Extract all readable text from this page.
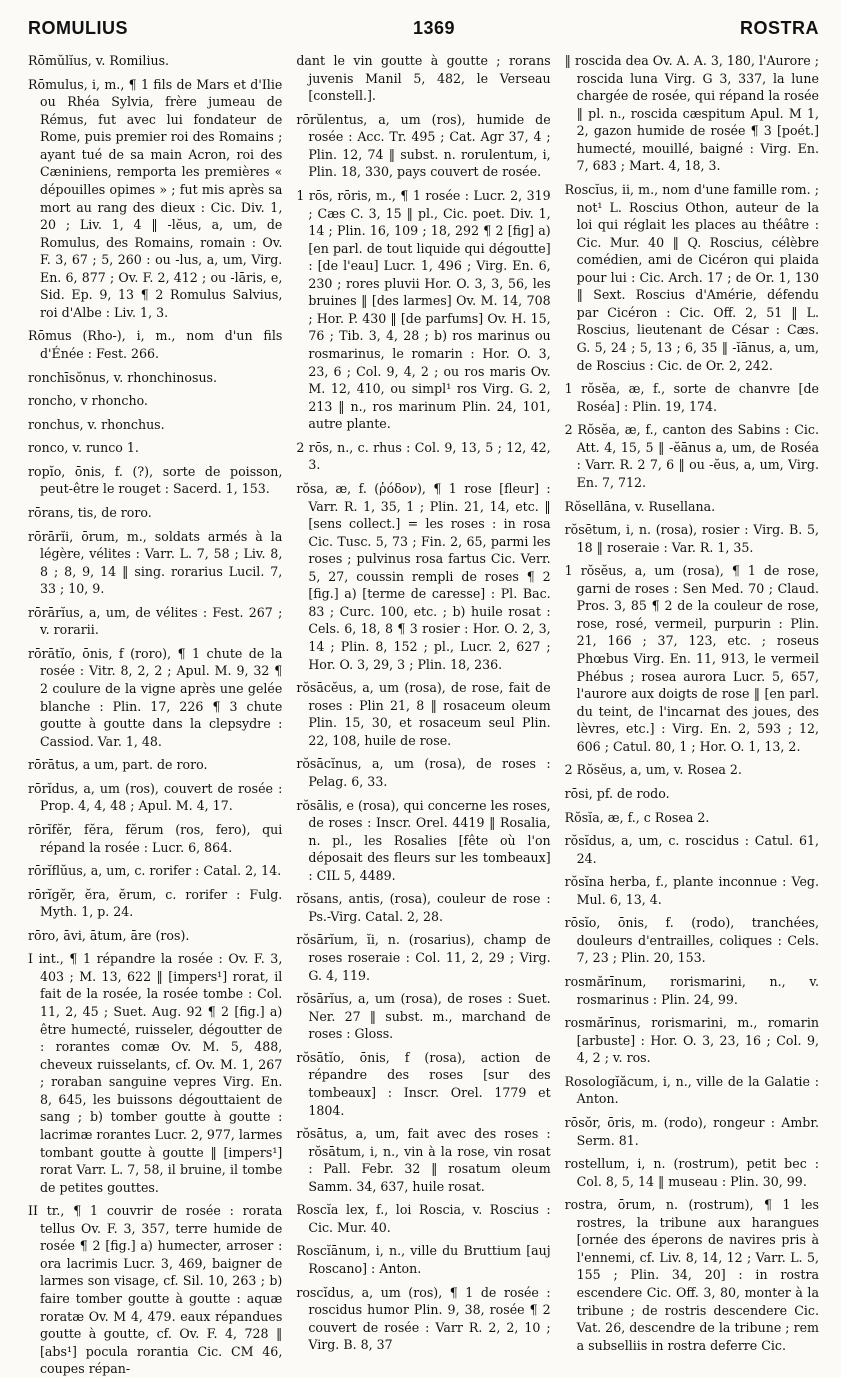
ROMULIUS	1369	ROSTRA

Rōmŭlĭus, v. Romilius.

Rōmulus, i, m., ¶ 1 fils de Mars et d'Ilie ou Rhéa Sylvia, frère jumeau de Rémus, fut avec lui fondateur de Rome, puis premier roi des Romains ; ayant tué de sa main Acron, roi des Cæniniens, remporta les premières « dépouilles opimes » ; fut mis après sa mort au rang des dieux : Cic. Div. 1, 20 ; Liv. 1, 4 ‖ -lĕus, a, um, de Romulus, des Romains, romain : Ov. F. 3, 67 ; 5, 260 : ou -lus, a, um, Virg. En. 6, 877 ; Ov. F. 2, 412 ; ou -lāris, e, Sid. Ep. 9, 13 ¶ 2 Romulus Salvius, roi d'Albe : Liv. 1, 3.

Rōmus (Rho-), i, m., nom d'un fils d'Énée : Fest. 266.

ronchīsŏnus, v. rhonchinosus.

roncho, v rhoncho.

ronchus, v. rhonchus.

ronco, v. runco 1.

ropĭo, ōnis, f. (?), sorte de poisson, peut-être le rouget : Sacerd. 1, 153.

rōrans, tis, de roro.

rōrārĭi, ōrum, m., soldats armés à la légère, vélites : Varr. L. 7, 58 ; Liv. 8, 8 ; 8, 9, 14 ‖ sing. rorarius Lucil. 7, 33 ; 10, 9.

rōrārĭus, a, um, de vélites : Fest. 267 ; v. rorarii.

rōrātĭo, ōnis, f (roro), ¶ 1 chute de la rosée : Vitr. 8, 2, 2 ; Apul. M. 9, 32 ¶ 2 coulure de la vigne après une gelée blanche : Plin. 17, 226 ¶ 3 chute goutte à goutte dans la clepsydre : Cassiod. Var. 1, 48.

rōrātus, a um, part. de roro.

rōrĭdus, a, um (ros), couvert de rosée : Prop. 4, 4, 48 ; Apul. M. 4, 17.

rōrĭfĕr, fĕra, fĕrum (ros, fero), qui répand la rosée : Lucr. 6, 864.

rōrĭflŭus, a, um, c. rorifer : Catal. 2, 14.

rōrĭgĕr, ĕra, ĕrum, c. rorifer : Fulg. Myth. 1, p. 24.

rōro, āvi, ātum, āre (ros).

I int., ¶ 1 répandre la rosée : Ov. F. 3, 403 ; M. 13, 622 ‖ [impers¹] rorat, il fait de la rosée, la rosée tombe : Col. 11, 2, 45 ; Suet. Aug. 92 ¶ 2 [fig.] a) être humecté, ruisseler, dégoutter de : rorantes comæ Ov. M. 5, 488, cheveux ruisselants, cf. Ov. M. 1, 267 ; roraban sanguine vepres Virg. En. 8, 645, les buissons dégouttaient de sang ; b) tomber goutte à goutte : lacrimæ rorantes Lucr. 2, 977, larmes tombant goutte à goutte ‖ [impers¹] rorat Varr. L. 7, 58, il bruine, il tombe de petites gouttes.

II tr., ¶ 1 couvrir de rosée : rorata tellus Ov. F. 3, 357, terre humide de rosée ¶ 2 [fig.] a) humecter, arroser : ora lacrimis Lucr. 3, 469, baigner de larmes son visage, cf. Sil. 10, 263 ; b) faire tomber goutte à goutte : aquæ roratæ Ov. M 4, 479. eaux répandues goutte à goutte, cf. Ov. F. 4, 728 ‖ [abs¹] pocula rorantia Cic. CM 46, coupes répan-

dant le vin goutte à goutte ; rorans juvenis Manil 5, 482, le Verseau [constell.].

rōrŭlentus, a, um (ros), humide de rosée : Acc. Tr. 495 ; Cat. Agr 37, 4 ; Plin. 12, 74 ‖ subst. n. rorulentum, i, Plin. 18, 330, pays couvert de rosée.

1 rōs, rōris, m., ¶ 1 rosée : Lucr. 2, 319 ; Cæs C. 3, 15 ‖ pl., Cic. poet. Div. 1, 14 ; Plin. 16, 109 ; 18, 292 ¶ 2 [fig] a) [en parl. de tout liquide qui dégoutte] : [de l'eau] Lucr. 1, 496 ; Virg. En. 6, 230 ; rores pluvii Hor. O. 3, 3, 56, les bruines ‖ [des larmes] Ov. M. 14, 708 ; Hor. P. 430 ‖ [de parfums] Ov. H. 15, 76 ; Tib. 3, 4, 28 ; b) ros marinus ou rosmarinus, le romarin : Hor. O. 3, 23, 6 ; Col. 9, 4, 2 ; ou ros maris Ov. M. 12, 410, ou simpl¹ ros Virg. G. 2, 213 ‖ n., ros marinum Plin. 24, 101, autre plante.

2 rōs, n., c. rhus : Col. 9, 13, 5 ; 12, 42, 3.

rŏsa, æ, f. (ῥόδον), ¶ 1 rose [fleur] : Varr. R. 1, 35, 1 ; Plin. 21, 14, etc. ‖ [sens collect.] = les roses : in rosa Cic. Tusc. 5, 73 ; Fin. 2, 65, parmi les roses ; pulvinus rosa fartus Cic. Verr. 5, 27, coussin rempli de roses ¶ 2 [fig.] a) [terme de caresse] : Pl. Bac. 83 ; Curc. 100, etc. ; b) huile rosat : Cels. 6, 18, 8 ¶ 3 rosier : Hor. O. 2, 3, 14 ; Plin. 8, 152 ; pl., Lucr. 2, 627 ; Hor. O. 3, 29, 3 ; Plin. 18, 236.

rŏsācĕus, a, um (rosa), de rose, fait de roses : Plin 21, 8 ‖ rosaceum oleum Plin. 15, 30, et rosaceum seul Plin. 22, 108, huile de rose.

rŏsācĭnus, a, um (rosa), de roses : Pelag. 6, 33.

rŏsālis, e (rosa), qui concerne les roses, de roses : Inscr. Orel. 4419 ‖ Rosalia, n. pl., les Rosalies [fête où l'on déposait des fleurs sur les tombeaux] : CIL 5, 4489.

rŏsans, antis, (rosa), couleur de rose : Ps.-Virg. Catal. 2, 28.

rŏsārĭum, ĭi, n. (rosarius), champ de roses roseraie : Col. 11, 2, 29 ; Virg. G. 4, 119.

rŏsārĭus, a, um (rosa), de roses : Suet. Ner. 27 ‖ subst. m., marchand de roses : Gloss.

rŏsātĭo, ōnis, f (rosa), action de répandre des roses [sur des tombeaux] : Inscr. Orel. 1779 et 1804.

rŏsātus, a, um, fait avec des roses : rŏsātum, i, n., vin à la rose, vin rosat : Pall. Febr. 32 ‖ rosatum oleum Samm. 34, 637, huile rosat.

Roscĭa lex, f., loi Roscia, v. Roscius : Cic. Mur. 40.

Roscĭānum, i, n., ville du Bruttium [auj Roscano] : Anton.

roscĭdus, a, um (ros), ¶ 1 de rosée : roscidus humor Plin. 9, 38, rosée ¶ 2 couvert de rosée : Varr R. 2, 2, 10 ; Virg. B. 8, 37

‖ roscida dea Ov. A. A. 3, 180, l'Aurore ; roscida luna Virg. G 3, 337, la lune chargée de rosée, qui répand la rosée ‖ pl. n., roscida cæspitum Apul. M 1, 2, gazon humide de rosée ¶ 3 [poét.] humecté, mouillé, baigné : Virg. En. 7, 683 ; Mart. 4, 18, 3.

Roscĭus, ii, m., nom d'une famille rom. ; not¹ L. Roscius Othon, auteur de la loi qui réglait les places au théâtre : Cic. Mur. 40 ‖ Q. Roscius, célèbre comédien, ami de Cicéron qui plaida pour lui : Cic. Arch. 17 ; de Or. 1, 130 ‖ Sext. Roscius d'Amérie, défendu par Cicéron : Cic. Off. 2, 51 ‖ L. Roscius, lieutenant de César : Cæs. G. 5, 24 ; 5, 13 ; 6, 35 ‖ -ĭānus, a, um, de Roscius : Cic. de Or. 2, 242.

1 rŏsĕa, æ, f., sorte de chanvre [de Roséa] : Plin. 19, 174.

2 Rŏsĕa, æ, f., canton des Sabins : Cic. Att. 4, 15, 5 ‖ -ĕānus a, um, de Roséa : Varr. R. 2 7, 6 ‖ ou -ĕus, a, um, Virg. En. 7, 712.

Rŏsellāna, v. Rusellana.

rŏsētum, i, n. (rosa), rosier : Virg. B. 5, 18 ‖ roseraie : Var. R. 1, 35.

1 rŏsĕus, a, um (rosa), ¶ 1 de rose, garni de roses : Sen Med. 70 ; Claud. Pros. 3, 85 ¶ 2 de la couleur de rose, rose, rosé, vermeil, purpurin : Plin. 21, 166 ; 37, 123, etc. ; roseus Phœbus Virg. En. 11, 913, le vermeil Phébus ; rosea aurora Lucr. 5, 657, l'aurore aux doigts de rose ‖ [en parl. du teint, de l'incarnat des joues, des lèvres, etc.] : Virg. En. 2, 593 ; 12, 606 ; Catul. 80, 1 ; Hor. O. 1, 13, 2.

2 Rŏsĕus, a, um, v. Rosea 2.

rōsi, pf. de rodo.

Rŏsĭa, æ, f., c Rosea 2.

rŏsĭdus, a, um, c. roscidus : Catul. 61, 24.

rŏsĭna herba, f., plante inconnue : Veg. Mul. 6, 13, 4.

rōsĭo, ōnis, f. (rodo), tranchées, douleurs d'entrailles, coliques : Cels. 7, 23 ; Plin. 20, 153.

rosmărīnum, rorismarini, n., v. rosmarinus : Plin. 24, 99.

rosmărīnus, rorismarini, m., romarin [arbuste] : Hor. O. 3, 23, 16 ; Col. 9, 4, 2 ; v. ros.

Rosologĭăcum, i, n., ville de la Galatie : Anton.

rōsŏr, ōris, m. (rodo), rongeur : Ambr. Serm. 81.

rostellum, i, n. (rostrum), petit bec : Col. 8, 5, 14 ‖ museau : Plin. 30, 99.

rostra, ōrum, n. (rostrum), ¶ 1 les rostres, la tribune aux harangues [ornée des éperons de navires pris à l'ennemi, cf. Liv. 8, 14, 12 ; Varr. L. 5, 155 ; Plin. 34, 20] : in rostra escendere Cic. Off. 3, 80, monter à la tribune ; de rostris descendere Cic. Vat. 26, descendre de la tribune ; rem a subselliis in rostra deferre Cic.
